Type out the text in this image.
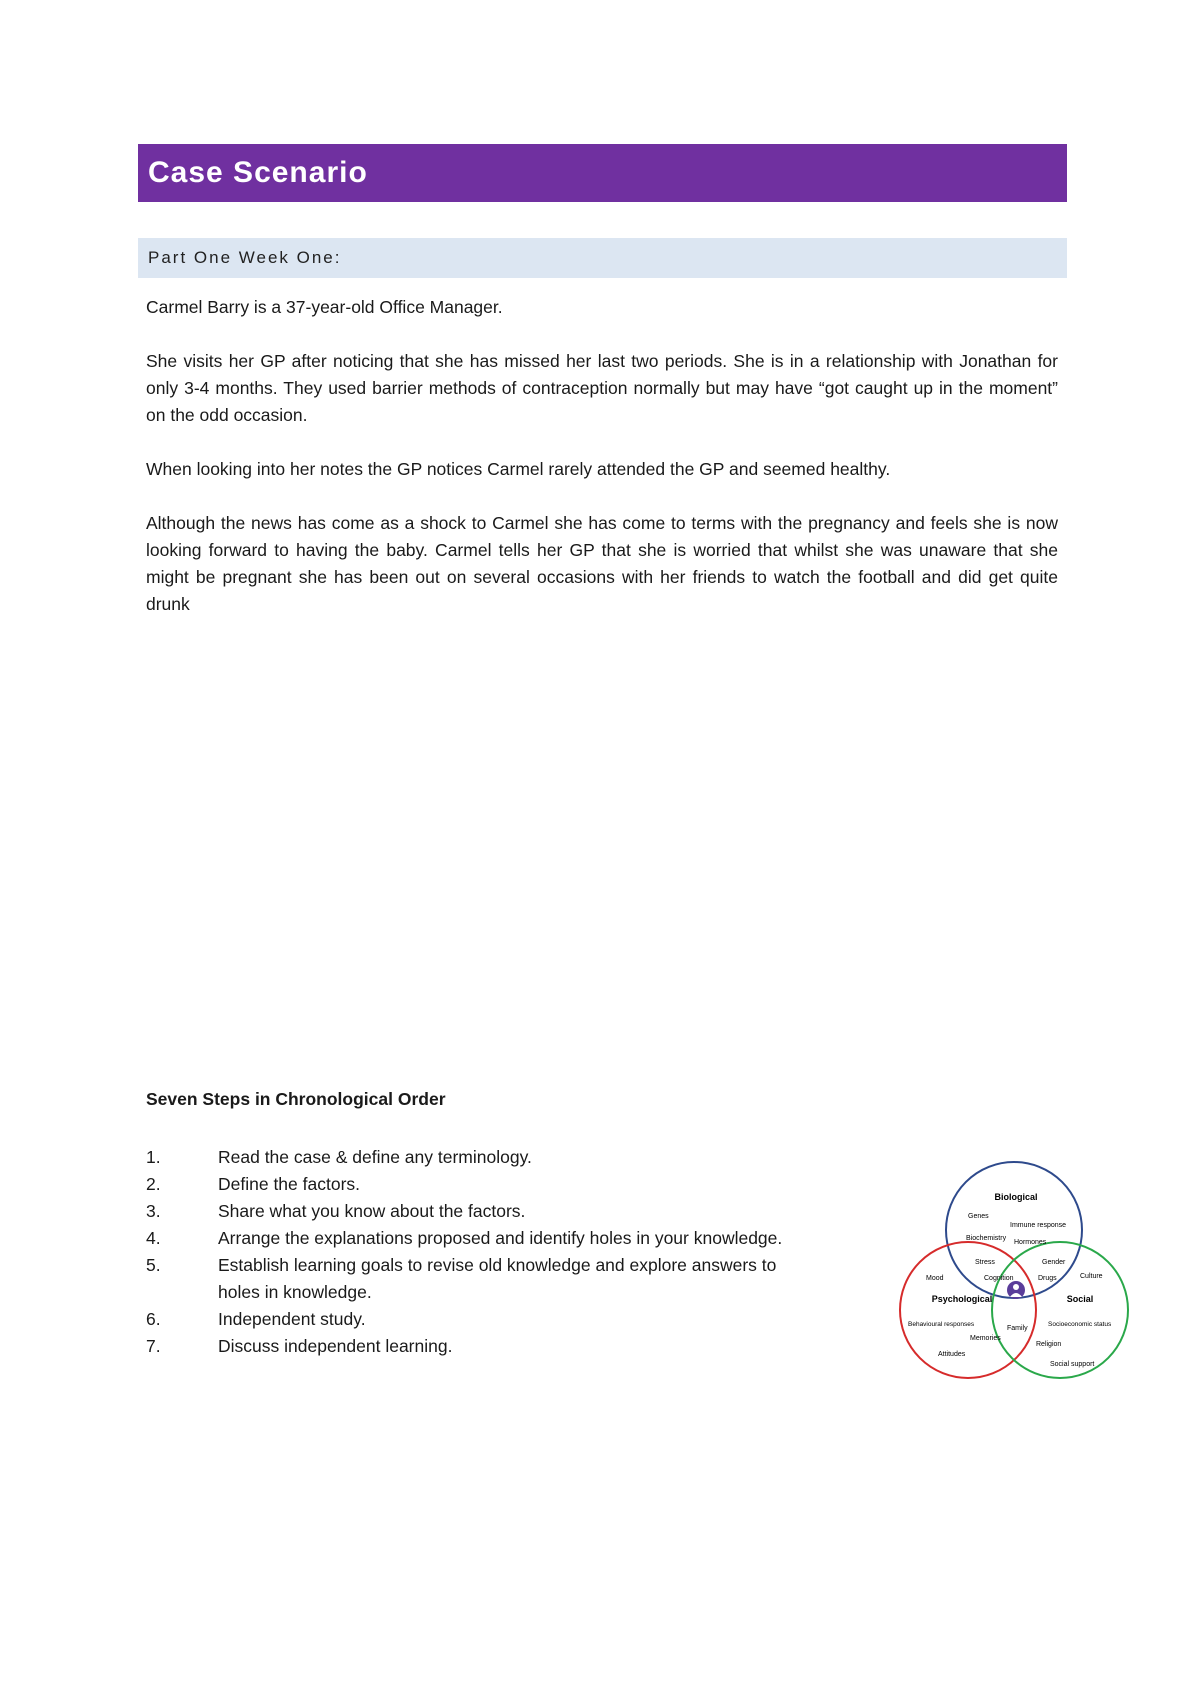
Case Scenario
Part One Week One:

Carmel Barry is a 37-year-old Office Manager.

She visits her GP after noticing that she has missed her last two periods. She is in a relationship with Jonathan for only 3-4 months. They used barrier methods of contraception normally but may have “got caught up in the moment” on the odd occasion.

When looking into her notes the GP notices Carmel rarely attended the GP and seemed healthy.

Although the news has come as a shock to Carmel she has come to terms with the pregnancy and feels she is now looking forward to having the baby. Carmel tells her GP that she is worried that whilst she was unaware that she might be pregnant she has been out on several occasions with her friends to watch the football and did get quite drunk

Seven Steps in Chronological Order

1.	Read the case & define any terminology.
2.	Define the factors.
3.	Share what you know about the factors.
4.	Arrange the explanations proposed and identify holes in your knowledge.
5.	Establish learning goals to revise old knowledge and explore answers to holes in knowledge.
6.	Independent study.
7.	Discuss independent learning.
Biological
Genes
Immune response
Biochemistry
Hormones
Stress
Cognition
Gender
Drugs
Family
Mood
Psychological
Behavioural responses
Memories
Attitudes
Culture
Social
Socioeconomic status
Religion
Social support
